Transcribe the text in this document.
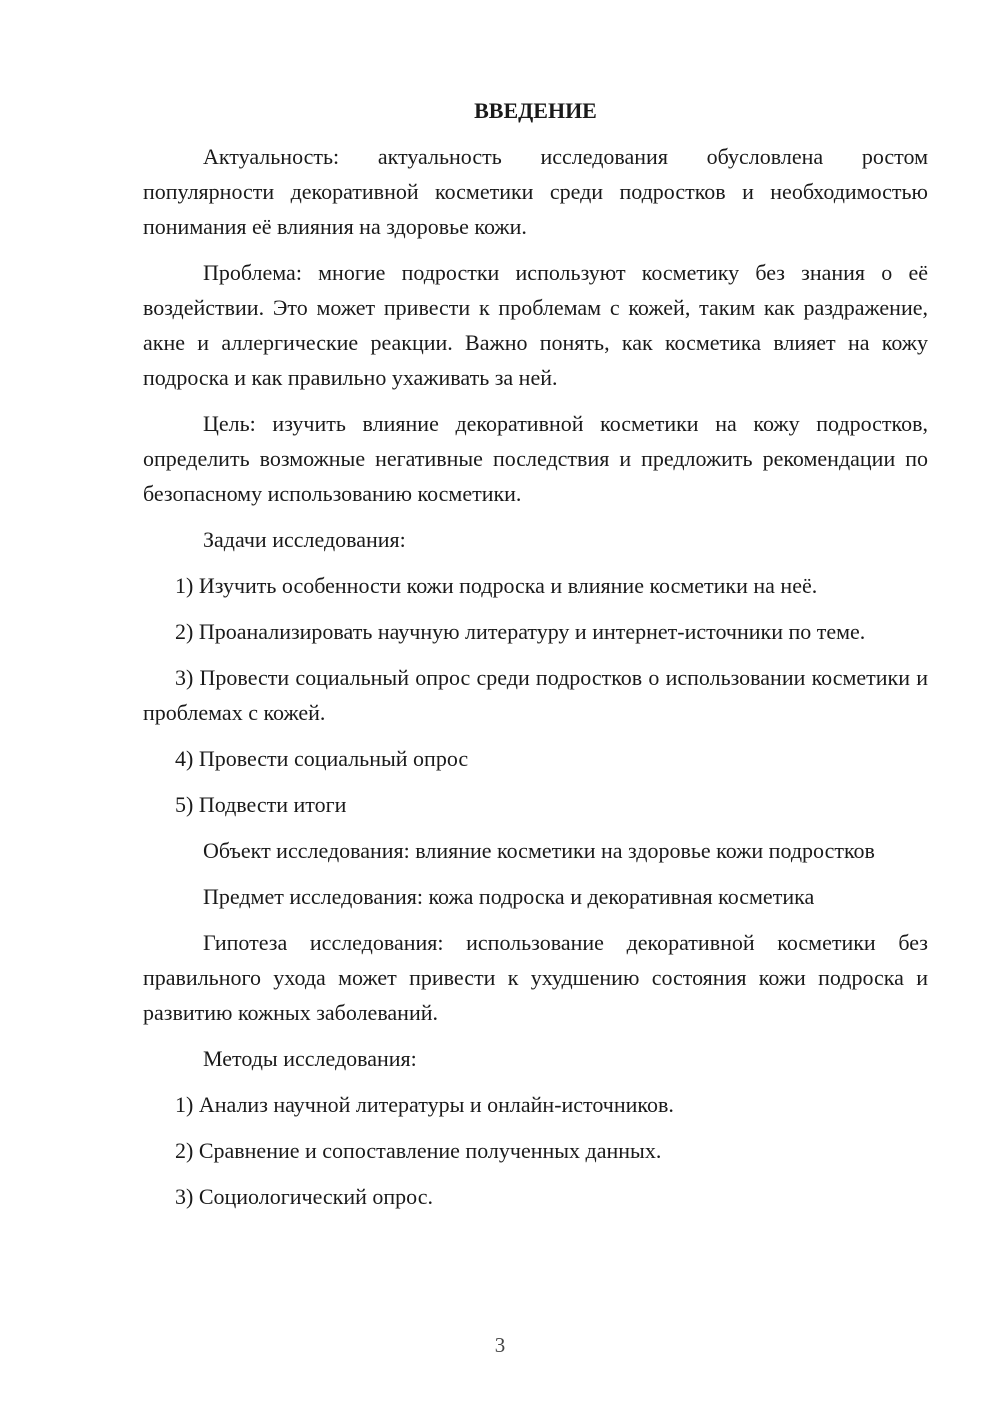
ВВЕДЕНИЕ

Актуальность: актуальность исследования обусловлена ростом популярности декоративной косметики среди подростков и необходимостью понимания её влияния на здоровье кожи.

Проблема: многие подростки используют косметику без знания о её воздействии. Это может привести к проблемам с кожей, таким как раздражение, акне и аллергические реакции. Важно понять, как косметика влияет на кожу подроска и как правильно ухаживать за ней.

Цель: изучить влияние декоративной косметики на кожу подростков, определить возможные негативные последствия и предложить рекомендации по безопасному использованию косметики.

Задачи исследования:

1) Изучить особенности кожи подроска и влияние косметики на неё.

2) Проанализировать научную литературу и интернет-источники по теме.

3) Провести социальный опрос среди подростков о использовании косметики и проблемах с кожей.

4) Провести социальный опрос

5) Подвести итоги

Объект исследования: влияние косметики на здоровье кожи подростков

Предмет исследования: кожа подроска и декоративная косметика

Гипотеза исследования: использование декоративной косметики без правильного ухода может привести к ухудшению состояния кожи подроска и развитию кожных заболеваний.

Методы исследования:

1) Анализ научной литературы и онлайн-источников.

2) Сравнение и сопоставление полученных данных.

3) Социологический опрос.

3
